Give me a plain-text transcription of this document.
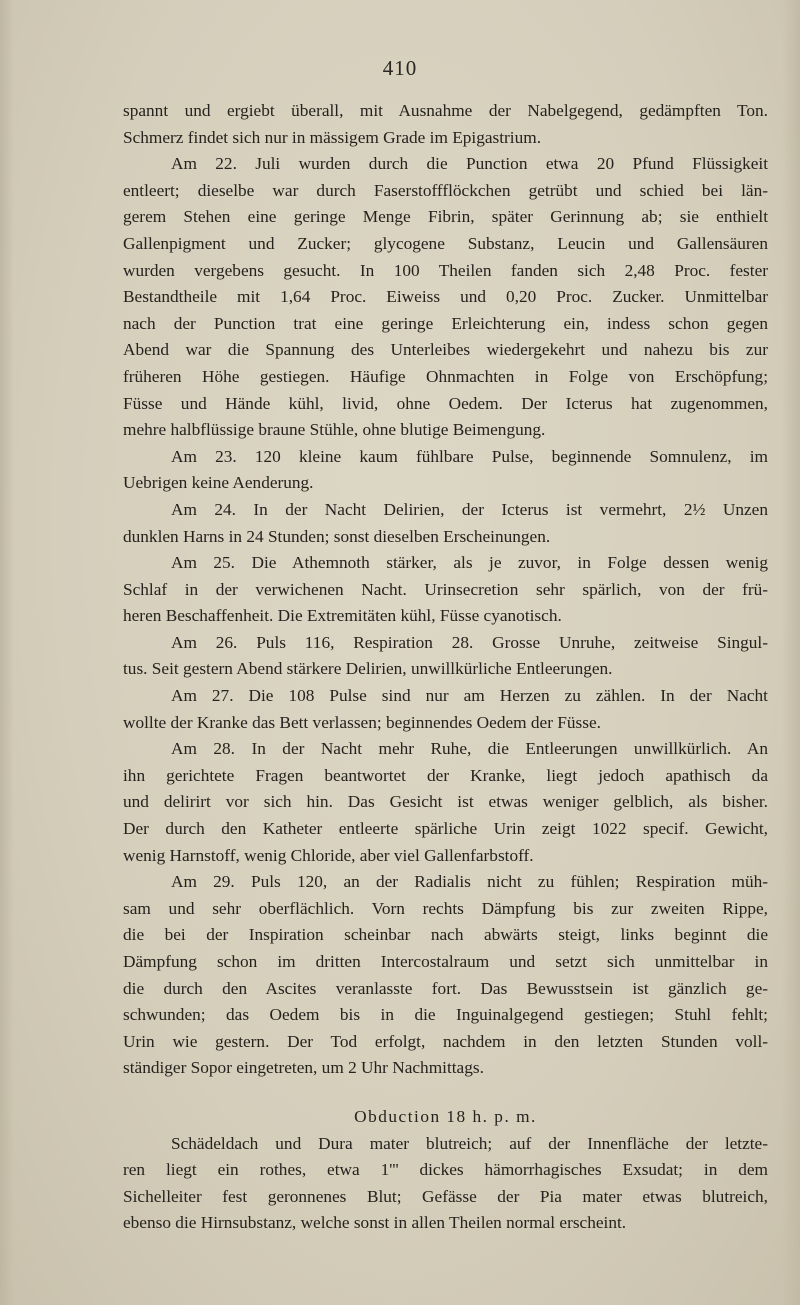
410
spannt und ergiebt überall, mit Ausnahme der Nabelgegend, gedämpften Ton.
Schmerz findet sich nur in mässigem Grade im Epigastrium.
Am 22. Juli wurden durch die Punction etwa 20 Pfund Flüssigkeit
entleert; dieselbe war durch Faserstoffflöckchen getrübt und schied bei län-
gerem Stehen eine geringe Menge Fibrin, später Gerinnung ab; sie enthielt
Gallenpigment und Zucker; glycogene Substanz, Leucin und Gallensäuren
wurden vergebens gesucht. In 100 Theilen fanden sich 2,48 Proc. fester
Bestandtheile mit 1,64 Proc. Eiweiss und 0,20 Proc. Zucker. Unmittelbar
nach der Punction trat eine geringe Erleichterung ein, indess schon gegen
Abend war die Spannung des Unterleibes wiedergekehrt und nahezu bis zur
früheren Höhe gestiegen. Häufige Ohnmachten in Folge von Erschöpfung;
Füsse und Hände kühl, livid, ohne Oedem. Der Icterus hat zugenommen,
mehre halbflüssige braune Stühle, ohne blutige Beimengung.
Am 23. 120 kleine kaum fühlbare Pulse, beginnende Somnulenz, im
Uebrigen keine Aenderung.
Am 24. In der Nacht Delirien, der Icterus ist vermehrt, 2½ Unzen
dunklen Harns in 24 Stunden; sonst dieselben Erscheinungen.
Am 25. Die Athemnoth stärker, als je zuvor, in Folge dessen wenig
Schlaf in der verwichenen Nacht. Urinsecretion sehr spärlich, von der frü-
heren Beschaffenheit. Die Extremitäten kühl, Füsse cyanotisch.
Am 26. Puls 116, Respiration 28. Grosse Unruhe, zeitweise Singul-
tus. Seit gestern Abend stärkere Delirien, unwillkürliche Entleerungen.
Am 27. Die 108 Pulse sind nur am Herzen zu zählen. In der Nacht
wollte der Kranke das Bett verlassen; beginnendes Oedem der Füsse.
Am 28. In der Nacht mehr Ruhe, die Entleerungen unwillkürlich. An
ihn gerichtete Fragen beantwortet der Kranke, liegt jedoch apathisch da
und delirirt vor sich hin. Das Gesicht ist etwas weniger gelblich, als bisher.
Der durch den Katheter entleerte spärliche Urin zeigt 1022 specif. Gewicht,
wenig Harnstoff, wenig Chloride, aber viel Gallenfarbstoff.
Am 29. Puls 120, an der Radialis nicht zu fühlen; Respiration müh-
sam und sehr oberflächlich. Vorn rechts Dämpfung bis zur zweiten Rippe,
die bei der Inspiration scheinbar nach abwärts steigt, links beginnt die
Dämpfung schon im dritten Intercostalraum und setzt sich unmittelbar in
die durch den Ascites veranlasste fort. Das Bewusstsein ist gänzlich ge-
schwunden; das Oedem bis in die Inguinalgegend gestiegen; Stuhl fehlt;
Urin wie gestern. Der Tod erfolgt, nachdem in den letzten Stunden voll-
ständiger Sopor eingetreten, um 2 Uhr Nachmittags.
Obduction 18 h. p. m.
Schädeldach und Dura mater blutreich; auf der Innenfläche der letzte-
ren liegt ein rothes, etwa 1''' dickes hämorrhagisches Exsudat; in dem
Sichelleiter fest geronnenes Blut; Gefässe der Pia mater etwas blutreich,
ebenso die Hirnsubstanz, welche sonst in allen Theilen normal erscheint.
